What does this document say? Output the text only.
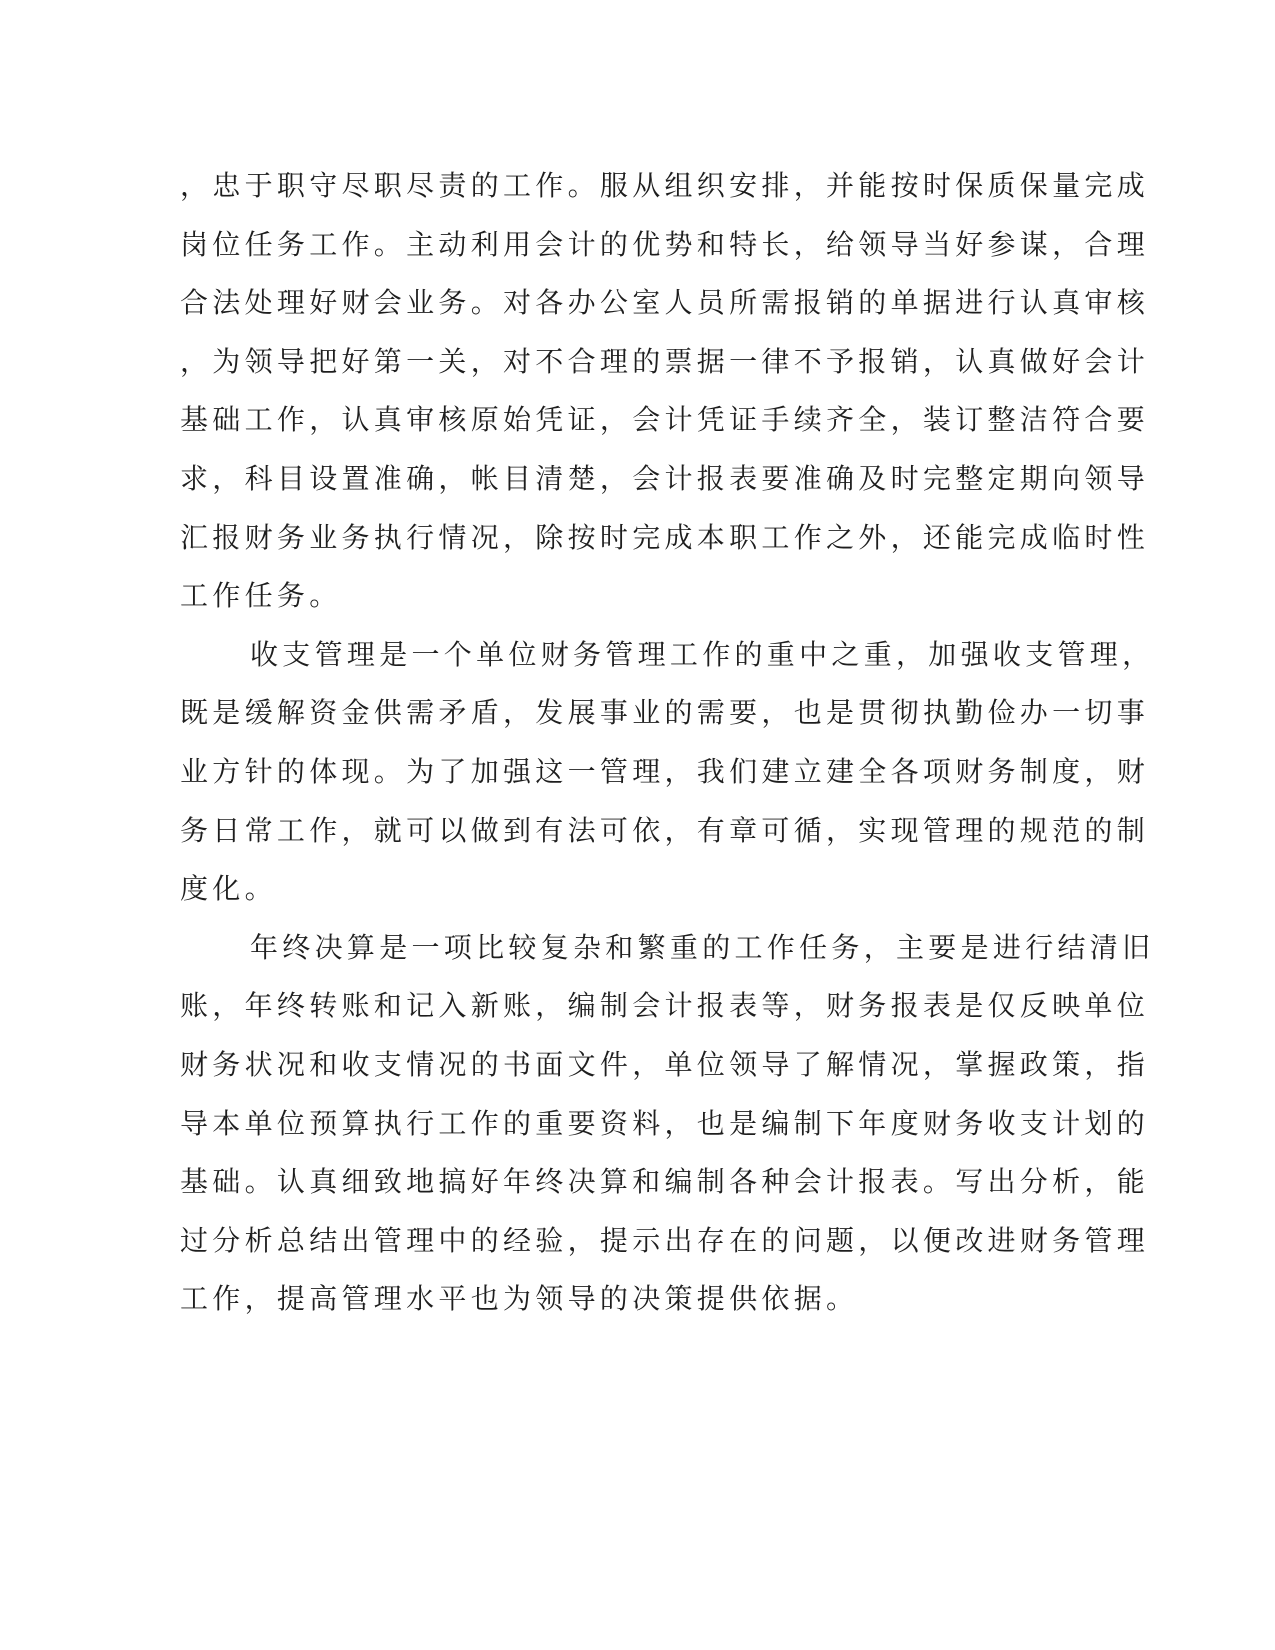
，忠于职守尽职尽责的工作。服从组织安排，并能按时保质保量完成
岗位任务工作。主动利用会计的优势和特长，给领导当好参谋，合理
合法处理好财会业务。对各办公室人员所需报销的单据进行认真审核
，为领导把好第一关，对不合理的票据一律不予报销，认真做好会计
基础工作，认真审核原始凭证，会计凭证手续齐全，装订整洁符合要
求，科目设置准确，帐目清楚，会计报表要准确及时完整定期向领导
汇报财务业务执行情况，除按时完成本职工作之外，还能完成临时性
工作任务。

收支管理是一个单位财务管理工作的重中之重，加强收支管理，
既是缓解资金供需矛盾，发展事业的需要，也是贯彻执勤俭办一切事
业方针的体现。为了加强这一管理，我们建立建全各项财务制度，财
务日常工作，就可以做到有法可依，有章可循，实现管理的规范的制
度化。

年终决算是一项比较复杂和繁重的工作任务，主要是进行结清旧
账，年终转账和记入新账，编制会计报表等，财务报表是仅反映单位
财务状况和收支情况的书面文件，单位领导了解情况，掌握政策，指
导本单位预算执行工作的重要资料，也是编制下年度财务收支计划的
基础。认真细致地搞好年终决算和编制各种会计报表。写出分析，能
过分析总结出管理中的经验，提示出存在的问题，以便改进财务管理
工作，提高管理水平也为领导的决策提供依据。
